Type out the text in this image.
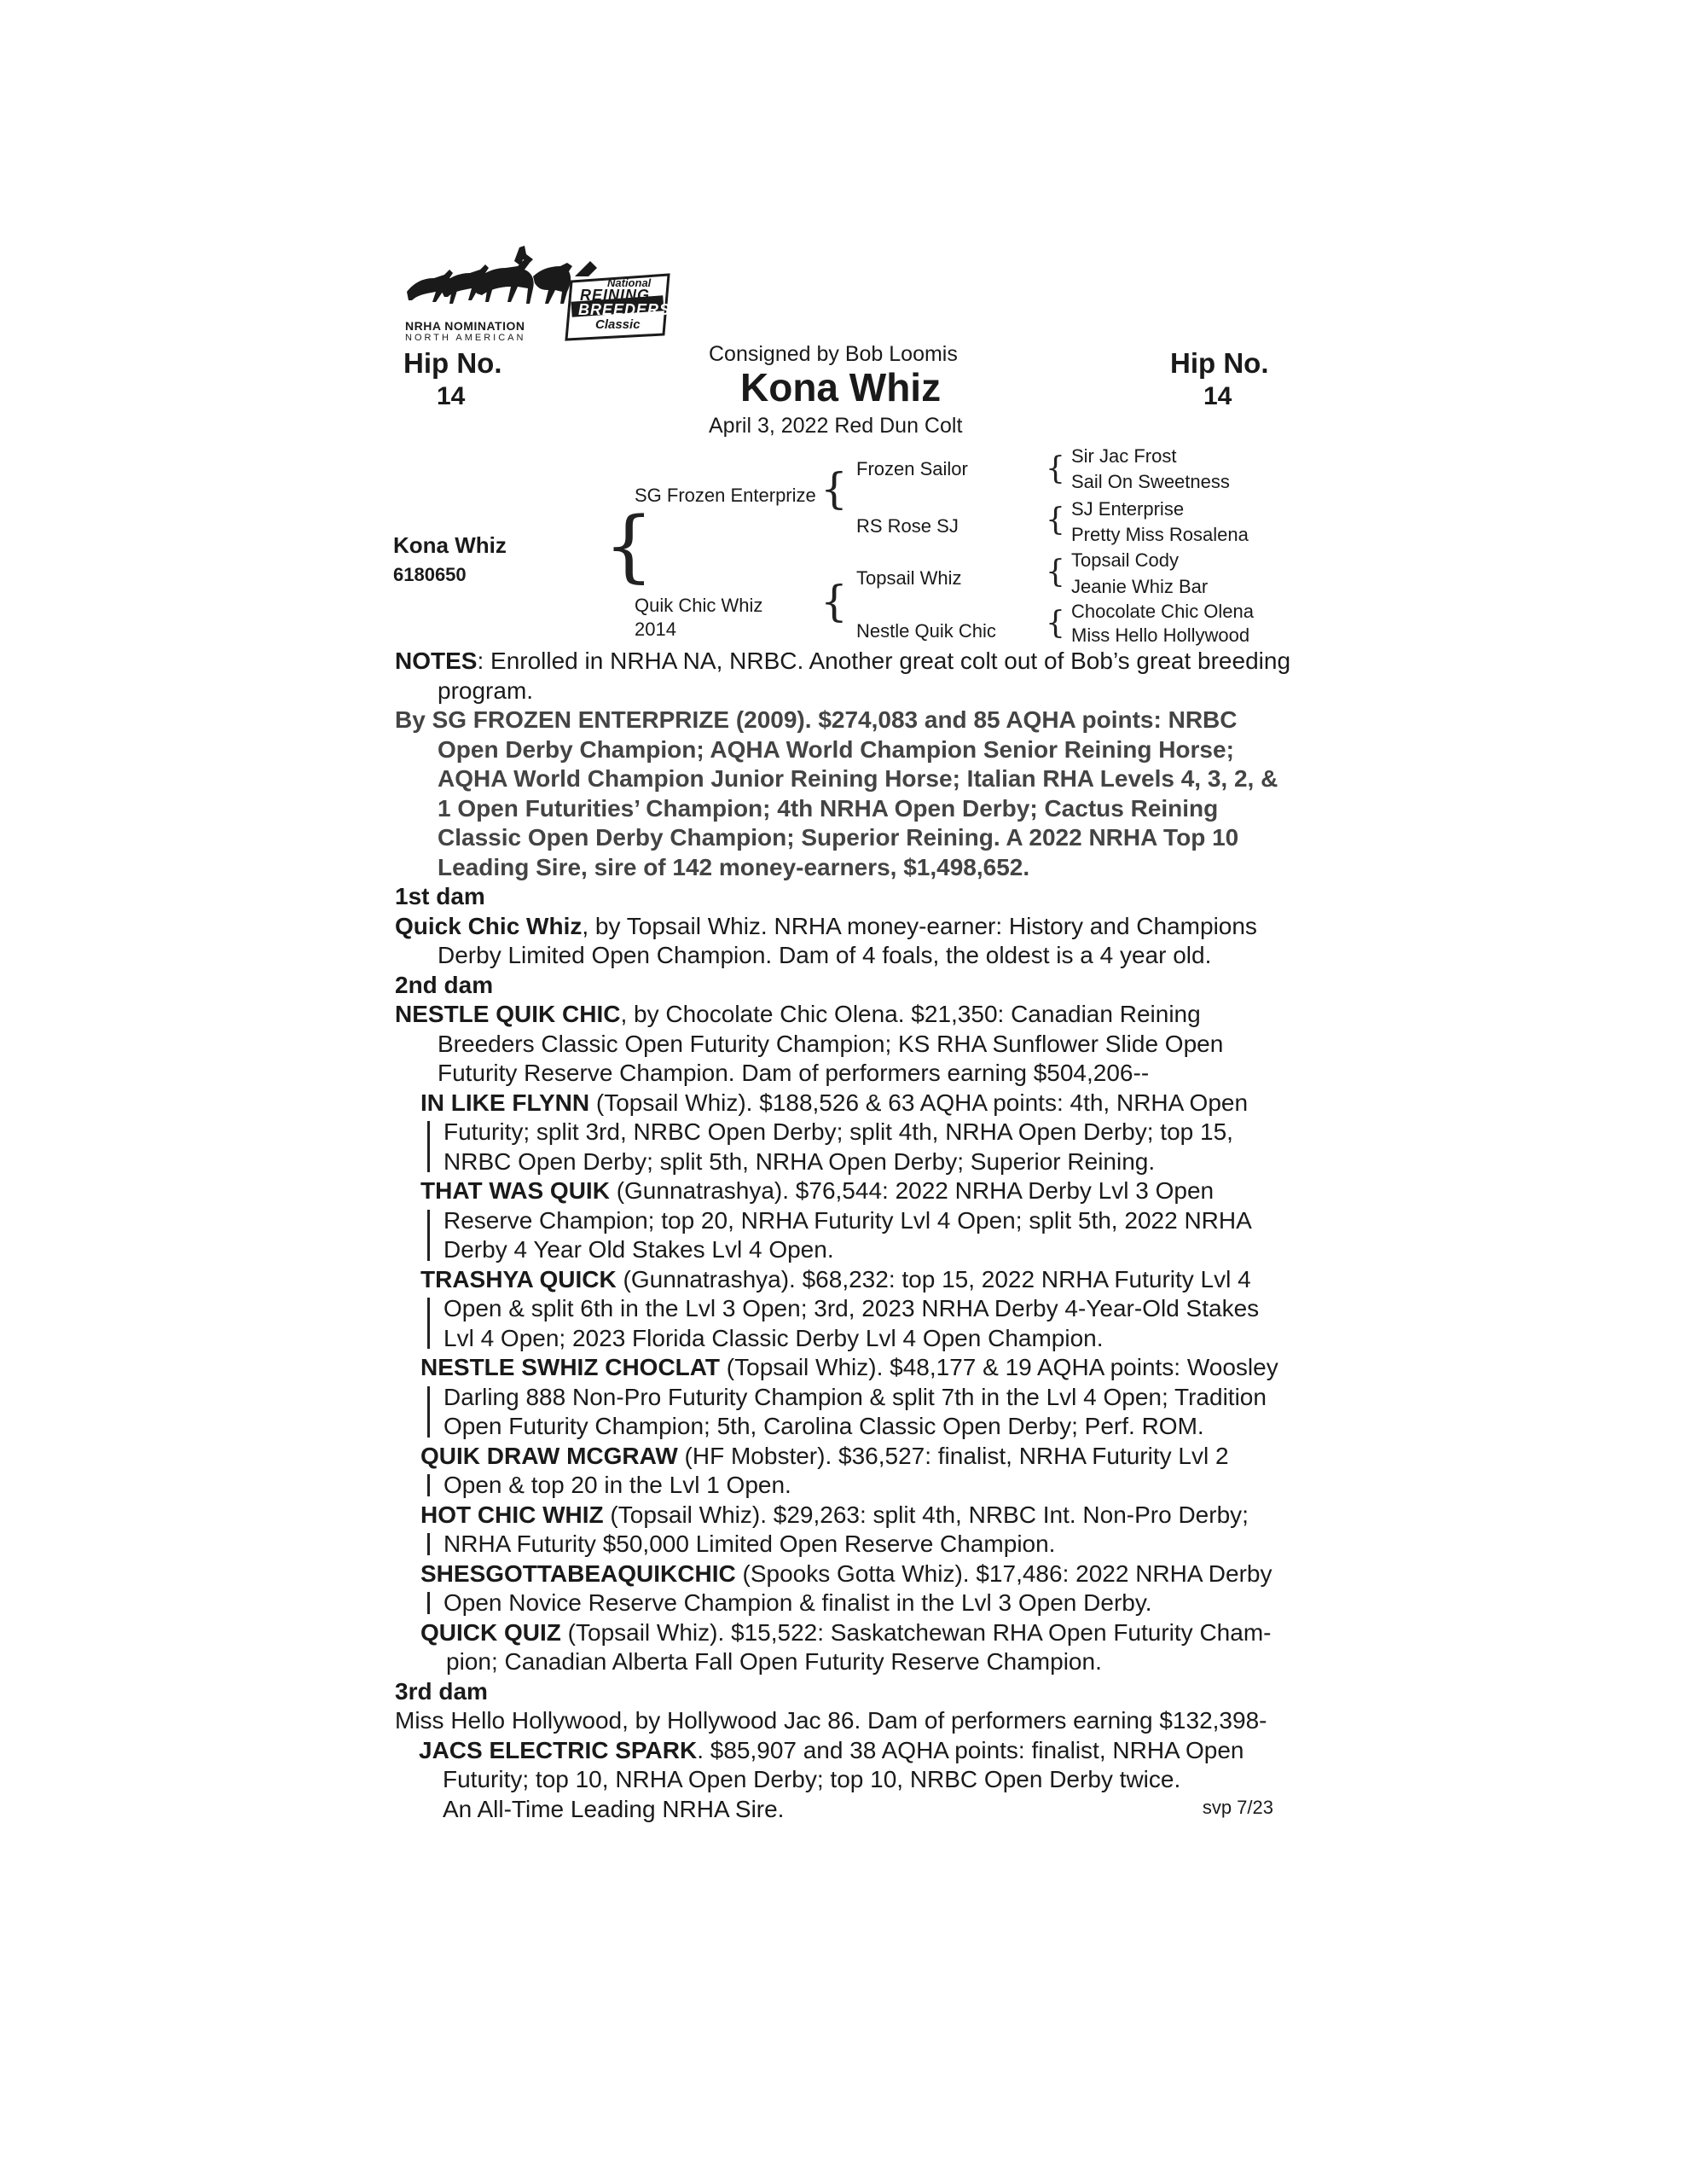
NRHA NOMINATION
NORTH AMERICAN
National
REINING
BREEDERS
Classic
Hip No.
14
Hip No.
14
Consigned by Bob Loomis
Kona Whiz
April 3, 2022 Red Dun Colt
Kona Whiz
6180650 {
SG Frozen Enterprize {
Quik Chic Whiz
2014
{
Frozen Sailor
RS Rose SJ
Topsail Whiz
Nestle Quik Chic
{
{
{
{
Sir Jac Frost
Sail On Sweetness
SJ Enterprise
Pretty Miss Rosalena
Topsail Cody
Jeanie Whiz Bar
Chocolate Chic Olena
Miss Hello Hollywood

NOTES: Enrolled in NRHA NA, NRBC. Another great colt out of Bob’s great breeding program.

By SG FROZEN ENTERPRIZE (2009). $274,083 and 85 AQHA points: NRBC Open Derby Champion; AQHA World Champion Senior Reining Horse; AQHA World Champion Junior Reining Horse; Italian RHA Levels 4, 3, 2, & 1 Open Futurities’ Champion; 4th NRHA Open Derby; Cactus Reining Classic Open Derby Champion; Superior Reining. A 2022 NRHA Top 10 Leading Sire, sire of 142 money-earners, $1,498,652.

1st dam

Quick Chic Whiz, by Topsail Whiz. NRHA money-earner: History and Champions Derby Limited Open Champion. Dam of 4 foals, the oldest is a 4 year old.

2nd dam

NESTLE QUIK CHIC, by Chocolate Chic Olena. $21,350: Canadian Reining Breeders Classic Open Futurity Champion; KS RHA Sunflower Slide Open Futurity Reserve Champion. Dam of performers earning $504,206--

IN LIKE FLYNN (Topsail Whiz). $188,526 & 63 AQHA points: 4th, NRHA Open
Futurity; split 3rd, NRBC Open Derby; split 4th, NRHA Open Derby; top 15, NRBC Open Derby; split 5th, NRHA Open Derby; Superior Reining.
THAT WAS QUIK (Gunnatrashya). $76,544: 2022 NRHA Derby Lvl 3 Open
Reserve Champion; top 20, NRHA Futurity Lvl 4 Open; split 5th, 2022 NRHA Derby 4 Year Old Stakes Lvl 4 Open.
TRASHYA QUICK (Gunnatrashya). $68,232: top 15, 2022 NRHA Futurity Lvl 4
Open & split 6th in the Lvl 3 Open; 3rd, 2023 NRHA Derby 4-Year-Old Stakes Lvl 4 Open; 2023 Florida Classic Derby Lvl 4 Open Champion.
NESTLE SWHIZ CHOCLAT (Topsail Whiz). $48,177 & 19 AQHA points: Woosley
Darling 888 Non-Pro Futurity Champion & split 7th in the Lvl 4 Open; Tradition Open Futurity Champion; 5th, Carolina Classic Open Derby; Perf. ROM.
QUIK DRAW MCGRAW (HF Mobster). $36,527: finalist, NRHA Futurity Lvl 2
Open & top 20 in the Lvl 1 Open.
HOT CHIC WHIZ (Topsail Whiz). $29,263: split 4th, NRBC Int. Non-Pro Derby;
NRHA Futurity $50,000 Limited Open Reserve Champion.
SHESGOTTABEAQUIKCHIC (Spooks Gotta Whiz). $17,486: 2022 NRHA Derby
Open Novice Reserve Champion & finalist in the Lvl 3 Open Derby.
QUICK QUIZ (Topsail Whiz). $15,522: Saskatchewan RHA Open Futurity Cham-
pion; Canadian Alberta Fall Open Futurity Reserve Champion.

3rd dam

Miss Hello Hollywood, by Hollywood Jac 86. Dam of performers earning $132,398-

JACS ELECTRIC SPARK. $85,907 and 38 AQHA points: finalist, NRHA Open
Futurity; top 10, NRHA Open Derby; top 10, NRBC Open Derby twice. An All-Time Leading NRHA Sire.	svp 7/23
